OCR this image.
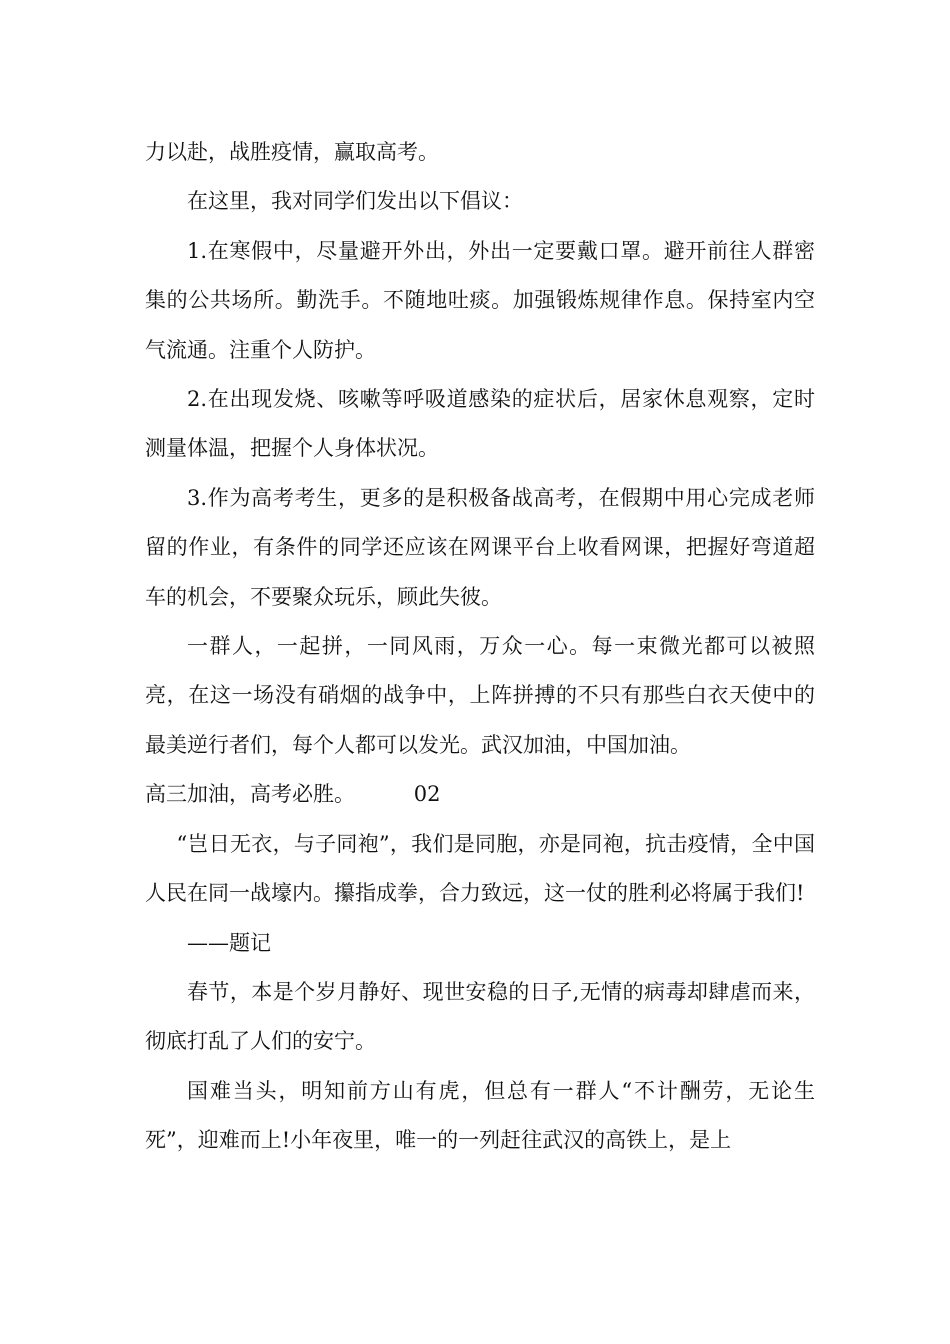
力以赴，战胜疫情，赢取高考。

在这里，我对同学们发出以下倡议：

1.在寒假中，尽量避开外出，外出一定要戴口罩。避开前往人群密集的公共场所。勤洗手。不随地吐痰。加强锻炼规律作息。保持室内空气流通。注重个人防护。

2.在出现发烧、咳嗽等呼吸道感染的症状后，居家休息观察，定时测量体温，把握个人身体状况。

3.作为高考考生，更多的是积极备战高考，在假期中用心完成老师留的作业，有条件的同学还应该在网课平台上收看网课，把握好弯道超车的机会，不要聚众玩乐，顾此失彼。

一群人，一起拼，一同风雨，万众一心。每一束微光都可以被照亮，在这一场没有硝烟的战争中，上阵拼搏的不只有那些白衣天使中的最美逆行者们，每个人都可以发光。武汉加油，中国加油。

高三加油，高考必胜。	02

“岂日无衣，与子同袍”，我们是同胞，亦是同袍，抗击疫情，全中国人民在同一战壕内。攥指成拳，合力致远，这一仗的胜利必将属于我们!

——题记

春节，本是个岁月静好、现世安稳的日子,无情的病毒却肆虐而来，彻底打乱了人们的安宁。

国难当头，明知前方山有虎，但总有一群人“不计酬劳，无论生死”，迎难而上!小年夜里，唯一的一列赶往武汉的高铁上，是上
